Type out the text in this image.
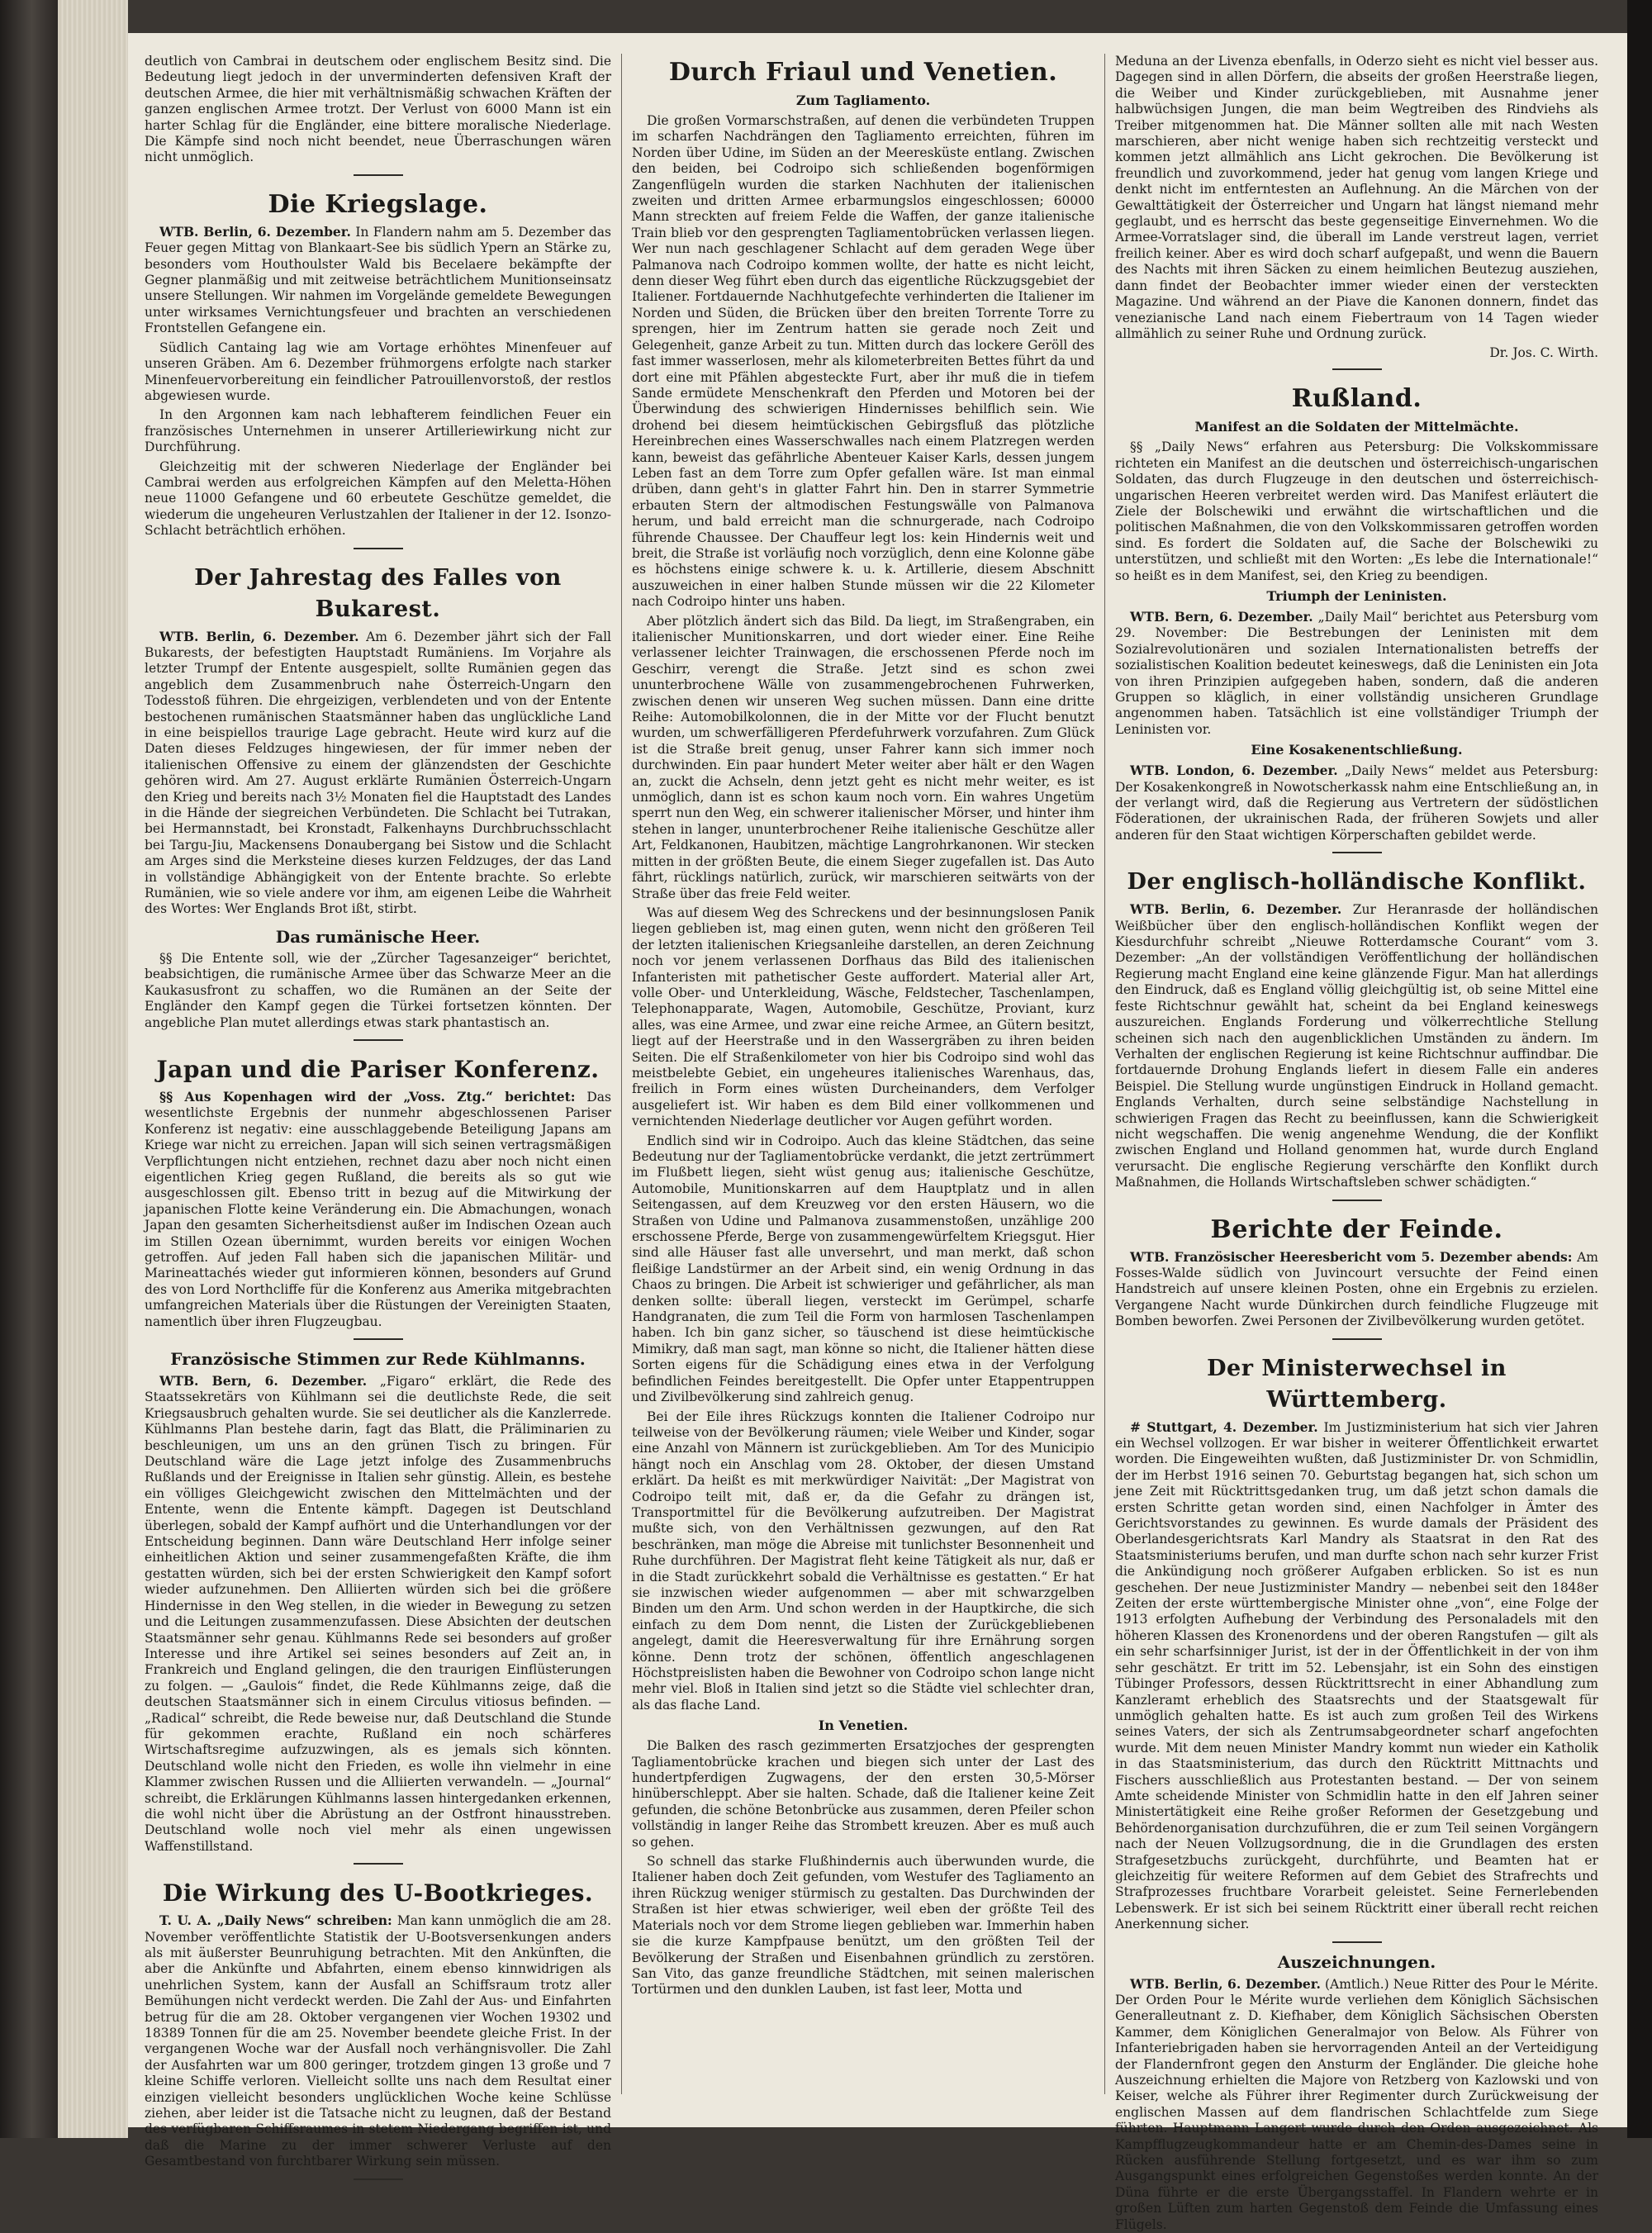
deutlich von Cambrai in deutschem oder englischem Besitz sind. Die Bedeutung liegt jedoch in der unverminderten defensiven Kraft der deutschen Armee, die hier mit verhältnismäßig schwachen Kräften der ganzen englischen Armee trotzt. Der Verlust von 6000 Mann ist ein harter Schlag für die Engländer, eine bittere moralische Niederlage. Die Kämpfe sind noch nicht beendet, neue Überraschungen wären nicht unmöglich.

Die Kriegslage.

WTB. Berlin, 6. Dezember. In Flandern nahm am 5. Dezember das Feuer gegen Mittag von Blankaart-See bis südlich Ypern an Stärke zu, besonders vom Houthoulster Wald bis Becelaere bekämpfte der Gegner planmäßig und mit zeitweise beträchtlichem Munitionseinsatz unsere Stellungen. Wir nahmen im Vorgelände gemeldete Bewegungen unter wirksames Vernichtungsfeuer und brachten an verschiedenen Frontstellen Gefangene ein.

Südlich Cantaing lag wie am Vortage erhöhtes Minenfeuer auf unseren Gräben. Am 6. Dezember frühmorgens erfolgte nach starker Minenfeuervorbereitung ein feindlicher Patrouillenvorstoß, der restlos abgewiesen wurde.

In den Argonnen kam nach lebhafterem feindlichen Feuer ein französisches Unternehmen in unserer Artilleriewirkung nicht zur Durchführung.

Gleichzeitig mit der schweren Niederlage der Engländer bei Cambrai werden aus erfolgreichen Kämpfen auf den Meletta-Höhen neue 11000 Gefangene und 60 erbeutete Geschütze gemeldet, die wiederum die ungeheuren Verlustzahlen der Italiener in der 12. Isonzo-Schlacht beträchtlich erhöhen.

Der Jahrestag des Falles von Bukarest.

WTB. Berlin, 6. Dezember. Am 6. Dezember jährt sich der Fall Bukarests, der befestigten Hauptstadt Rumäniens. Im Vorjahre als letzter Trumpf der Entente ausgespielt, sollte Rumänien gegen das angeblich dem Zusammenbruch nahe Österreich-Ungarn den Todesstoß führen. Die ehrgeizigen, verblendeten und von der Entente bestochenen rumänischen Staatsmänner haben das unglückliche Land in eine beispiellos traurige Lage gebracht. Heute wird kurz auf die Daten dieses Feldzuges hingewiesen, der für immer neben der italienischen Offensive zu einem der glänzendsten der Geschichte gehören wird. Am 27. August erklärte Rumänien Österreich-Ungarn den Krieg und bereits nach 3½ Monaten fiel die Hauptstadt des Landes in die Hände der siegreichen Verbündeten. Die Schlacht bei Tutrakan, bei Hermannstadt, bei Kronstadt, Falkenhayns Durchbruchsschlacht bei Targu-Jiu, Mackensens Donaubergang bei Sistow und die Schlacht am Arges sind die Merksteine dieses kurzen Feldzuges, der das Land in vollständige Abhängigkeit von der Entente brachte. So erlebte Rumänien, wie so viele andere vor ihm, am eigenen Leibe die Wahrheit des Wortes: Wer Englands Brot ißt, stirbt.

Das rumänische Heer.

§§ Die Entente soll, wie der „Zürcher Tagesanzeiger“ berichtet, beabsichtigen, die rumänische Armee über das Schwarze Meer an die Kaukasusfront zu schaffen, wo die Rumänen an der Seite der Engländer den Kampf gegen die Türkei fortsetzen könnten. Der angebliche Plan mutet allerdings etwas stark phantastisch an.

Japan und die Pariser Konferenz.

§§ Aus Kopenhagen wird der „Voss. Ztg.“ berichtet: Das wesentlichste Ergebnis der nunmehr abgeschlossenen Pariser Konferenz ist negativ: eine ausschlaggebende Beteiligung Japans am Kriege war nicht zu erreichen. Japan will sich seinen vertragsmäßigen Verpflichtungen nicht entziehen, rechnet dazu aber noch nicht einen eigentlichen Krieg gegen Rußland, die bereits als so gut wie ausgeschlossen gilt. Ebenso tritt in bezug auf die Mitwirkung der japanischen Flotte keine Veränderung ein. Die Abmachungen, wonach Japan den gesamten Sicherheitsdienst außer im Indischen Ozean auch im Stillen Ozean übernimmt, wurden bereits vor einigen Wochen getroffen. Auf jeden Fall haben sich die japanischen Militär- und Marineattachés wieder gut informieren können, besonders auf Grund des von Lord Northcliffe für die Konferenz aus Amerika mitgebrachten umfangreichen Materials über die Rüstungen der Vereinigten Staaten, namentlich über ihren Flugzeugbau.

Französische Stimmen zur Rede Kühlmanns.

WTB. Bern, 6. Dezember. „Figaro“ erklärt, die Rede des Staatssekretärs von Kühlmann sei die deutlichste Rede, die seit Kriegsausbruch gehalten wurde. Sie sei deutlicher als die Kanzlerrede. Kühlmanns Plan bestehe darin, fagt das Blatt, die Präliminarien zu beschleunigen, um uns an den grünen Tisch zu bringen. Für Deutschland wäre die Lage jetzt infolge des Zusammenbruchs Rußlands und der Ereignisse in Italien sehr günstig. Allein, es bestehe ein völliges Gleichgewicht zwischen den Mittelmächten und der Entente, wenn die Entente kämpft. Dagegen ist Deutschland überlegen, sobald der Kampf aufhört und die Unterhandlungen vor der Entscheidung beginnen. Dann wäre Deutschland Herr infolge seiner einheitlichen Aktion und seiner zusammengefaßten Kräfte, die ihm gestatten würden, sich bei der ersten Schwierigkeit den Kampf sofort wieder aufzunehmen. Den Alliierten würden sich bei die größere Hindernisse in den Weg stellen, in die wieder in Bewegung zu setzen und die Leitungen zusammenzufassen. Diese Absichten der deutschen Staatsmänner sehr genau. Kühlmanns Rede sei besonders auf großer Interesse und ihre Artikel sei seines besonders auf Zeit an, in Frankreich und England gelingen, die den traurigen Einflüsterungen zu folgen. — „Gaulois“ findet, die Rede Kühlmanns zeige, daß die deutschen Staatsmänner sich in einem Circulus vitiosus befinden. — „Radical“ schreibt, die Rede beweise nur, daß Deutschland die Stunde für gekommen erachte, Rußland ein noch schärferes Wirtschaftsregime aufzuzwingen, als es jemals sich könnten. Deutschland wolle nicht den Frieden, es wolle ihn vielmehr in eine Klammer zwischen Russen und die Alliierten verwandeln. — „Journal“ schreibt, die Erklärungen Kühlmanns lassen hintergedanken erkennen, die wohl nicht über die Abrüstung an der Ostfront hinausstreben. Deutschland wolle noch viel mehr als einen ungewissen Waffenstillstand.

Die Wirkung des U-Bootkrieges.

T. U. A. „Daily News“ schreiben: Man kann unmöglich die am 28. November veröffentlichte Statistik der U-Bootsversenkungen anders als mit äußerster Beunruhigung betrachten. Mit den Ankünften, die aber die Ankünfte und Abfahrten, einem ebenso kinnwidrigen als unehrlichen System, kann der Ausfall an Schiffsraum trotz aller Bemühungen nicht verdeckt werden. Die Zahl der Aus- und Einfahrten betrug für die am 28. Oktober vergangenen vier Wochen 19302 und 18389 Tonnen für die am 25. November beendete gleiche Frist. In der vergangenen Woche war der Ausfall noch verhängnisvoller. Die Zahl der Ausfahrten war um 800 geringer, trotzdem gingen 13 große und 7 kleine Schiffe verloren. Vielleicht sollte uns nach dem Resultat einer einzigen vielleicht besonders unglücklichen Woche keine Schlüsse ziehen, aber leider ist die Tatsache nicht zu leugnen, daß der Bestand des verfügbaren Schiffsraumes in stetem Niedergang begriffen ist, und daß die Marine zu der immer schwerer Verluste auf den Gesamtbestand von furchtbarer Wirkung sein müssen.

Durch Friaul und Venetien.
Zum Tagliamento.

Die großen Vormarschstraßen, auf denen die verbündeten Truppen im scharfen Nachdrängen den Tagliamento erreichten, führen im Norden über Udine, im Süden an der Meeresküste entlang. Zwischen den beiden, bei Codroipo sich schließenden bogenförmigen Zangenflügeln wurden die starken Nachhuten der italienischen zweiten und dritten Armee erbarmungslos eingeschlossen; 60000 Mann streckten auf freiem Felde die Waffen, der ganze italienische Train blieb vor den gesprengten Tagliamentobrücken verlassen liegen. Wer nun nach geschlagener Schlacht auf dem geraden Wege über Palmanova nach Codroipo kommen wollte, der hatte es nicht leicht, denn dieser Weg führt eben durch das eigentliche Rückzugsgebiet der Italiener. Fortdauernde Nachhutgefechte verhinderten die Italiener im Norden und Süden, die Brücken über den breiten Torrente Torre zu sprengen, hier im Zentrum hatten sie gerade noch Zeit und Gelegenheit, ganze Arbeit zu tun. Mitten durch das lockere Geröll des fast immer wasserlosen, mehr als kilometerbreiten Bettes führt da und dort eine mit Pfählen abgesteckte Furt, aber ihr muß die in tiefem Sande ermüdete Menschenkraft den Pferden und Motoren bei der Überwindung des schwierigen Hindernisses behilflich sein. Wie drohend bei diesem heimtückischen Gebirgsfluß das plötzliche Hereinbrechen eines Wasserschwalles nach einem Platzregen werden kann, beweist das gefährliche Abenteuer Kaiser Karls, dessen jungem Leben fast an dem Torre zum Opfer gefallen wäre. Ist man einmal drüben, dann geht's in glatter Fahrt hin. Den in starrer Symmetrie erbauten Stern der altmodischen Festungswälle von Palmanova herum, und bald erreicht man die schnurgerade, nach Codroipo führende Chaussee. Der Chauffeur legt los: kein Hindernis weit und breit, die Straße ist vorläufig noch vorzüglich, denn eine Kolonne gäbe es höchstens einige schwere k. u. k. Artillerie, diesem Abschnitt auszuweichen in einer halben Stunde müssen wir die 22 Kilometer nach Codroipo hinter uns haben.

Aber plötzlich ändert sich das Bild. Da liegt, im Straßengraben, ein italienischer Munitionskarren, und dort wieder einer. Eine Reihe verlassener leichter Trainwagen, die erschossenen Pferde noch im Geschirr, verengt die Straße. Jetzt sind es schon zwei ununterbrochene Wälle von zusammengebrochenen Fuhrwerken, zwischen denen wir unseren Weg suchen müssen. Dann eine dritte Reihe: Automobilkolonnen, die in der Mitte vor der Flucht benutzt wurden, um schwerfälligeren Pferdefuhrwerk vorzufahren. Zum Glück ist die Straße breit genug, unser Fahrer kann sich immer noch durchwinden. Ein paar hundert Meter weiter aber hält er den Wagen an, zuckt die Achseln, denn jetzt geht es nicht mehr weiter, es ist unmöglich, dann ist es schon kaum noch vorn. Ein wahres Ungetüm sperrt nun den Weg, ein schwerer italienischer Mörser, und hinter ihm stehen in langer, ununterbrochener Reihe italienische Geschütze aller Art, Feldkanonen, Haubitzen, mächtige Langrohrkanonen. Wir stecken mitten in der größten Beute, die einem Sieger zugefallen ist. Das Auto fährt, rücklings natürlich, zurück, wir marschieren seitwärts von der Straße über das freie Feld weiter.

Was auf diesem Weg des Schreckens und der besinnungslosen Panik liegen geblieben ist, mag einen guten, wenn nicht den größeren Teil der letzten italienischen Kriegsanleihe darstellen, an deren Zeichnung noch vor jenem verlassenen Dorfhaus das Bild des italienischen Infanteristen mit pathetischer Geste auffordert. Material aller Art, volle Ober- und Unterkleidung, Wäsche, Feldstecher, Taschenlampen, Telephonapparate, Wagen, Automobile, Geschütze, Proviant, kurz alles, was eine Armee, und zwar eine reiche Armee, an Gütern besitzt, liegt auf der Heerstraße und in den Wassergräben zu ihren beiden Seiten. Die elf Straßenkilometer von hier bis Codroipo sind wohl das meistbelebte Gebiet, ein ungeheures italienisches Warenhaus, das, freilich in Form eines wüsten Durcheinanders, dem Verfolger ausgeliefert ist. Wir haben es dem Bild einer vollkommenen und vernichtenden Niederlage deutlicher vor Augen geführt worden.

Endlich sind wir in Codroipo. Auch das kleine Städtchen, das seine Bedeutung nur der Tagliamentobrücke verdankt, die jetzt zertrümmert im Flußbett liegen, sieht wüst genug aus; italienische Geschütze, Automobile, Munitionskarren auf dem Hauptplatz und in allen Seitengassen, auf dem Kreuzweg vor den ersten Häusern, wo die Straßen von Udine und Palmanova zusammenstoßen, unzählige 200 erschossene Pferde, Berge von zusammengewürfeltem Kriegsgut. Hier sind alle Häuser fast alle unversehrt, und man merkt, daß schon fleißige Landstürmer an der Arbeit sind, ein wenig Ordnung in das Chaos zu bringen. Die Arbeit ist schwieriger und gefährlicher, als man denken sollte: überall liegen, versteckt im Gerümpel, scharfe Handgranaten, die zum Teil die Form von harmlosen Taschenlampen haben. Ich bin ganz sicher, so täuschend ist diese heimtückische Mimikry, daß man sagt, man könne so nicht, die Italiener hätten diese Sorten eigens für die Schädigung eines etwa in der Verfolgung befindlichen Feindes bereitgestellt. Die Opfer unter Etappentruppen und Zivilbevölkerung sind zahlreich genug.

Bei der Eile ihres Rückzugs konnten die Italiener Codroipo nur teilweise von der Bevölkerung räumen; viele Weiber und Kinder, sogar eine Anzahl von Männern ist zurückgeblieben. Am Tor des Municipio hängt noch ein Anschlag vom 28. Oktober, der diesen Umstand erklärt. Da heißt es mit merkwürdiger Naivität: „Der Magistrat von Codroipo teilt mit, daß er, da die Gefahr zu drängen ist, Transportmittel für die Bevölkerung aufzutreiben. Der Magistrat mußte sich, von den Verhältnissen gezwungen, auf den Rat beschränken, man möge die Abreise mit tunlichster Besonnenheit und Ruhe durchführen. Der Magistrat fleht keine Tätigkeit als nur, daß er in die Stadt zurückkehrt sobald die Verhältnisse es gestatten.“ Er hat sie inzwischen wieder aufgenommen — aber mit schwarzgelben Binden um den Arm. Und schon werden in der Hauptkirche, die sich einfach zu dem Dom nennt, die Listen der Zurückgebliebenen angelegt, damit die Heeresverwaltung für ihre Ernährung sorgen könne. Denn trotz der schönen, öffentlich angeschlagenen Höchstpreislisten haben die Bewohner von Codroipo schon lange nicht mehr viel. Bloß in Italien sind jetzt so die Städte viel schlechter dran, als das flache Land.

In Venetien.

Die Balken des rasch gezimmerten Ersatzjoches der gesprengten Tagliamentobrücke krachen und biegen sich unter der Last des hundertpferdigen Zugwagens, der den ersten 30,5-Mörser hinüberschleppt. Aber sie halten. Schade, daß die Italiener keine Zeit gefunden, die schöne Betonbrücke aus zusammen, deren Pfeiler schon vollständig in langer Reihe das Strombett kreuzen. Aber es muß auch so gehen.

So schnell das starke Flußhindernis auch überwunden wurde, die Italiener haben doch Zeit gefunden, vom Westufer des Tagliamento an ihren Rückzug weniger stürmisch zu gestalten. Das Durchwinden der Straßen ist hier etwas schwieriger, weil eben der größte Teil des Materials noch vor dem Strome liegen geblieben war. Immerhin haben sie die kurze Kampfpause benützt, um den größten Teil der Bevölkerung der Straßen und Eisenbahnen gründlich zu zerstören. San Vito, das ganze freundliche Städtchen, mit seinen malerischen Tortürmen und den dunklen Lauben, ist fast leer, Motta und

Meduna an der Livenza ebenfalls, in Oderzo sieht es nicht viel besser aus. Dagegen sind in allen Dörfern, die abseits der großen Heerstraße liegen, die Weiber und Kinder zurückgeblieben, mit Ausnahme jener halbwüchsigen Jungen, die man beim Wegtreiben des Rindviehs als Treiber mitgenommen hat. Die Männer sollten alle mit nach Westen marschieren, aber nicht wenige haben sich rechtzeitig versteckt und kommen jetzt allmählich ans Licht gekrochen. Die Bevölkerung ist freundlich und zuvorkommend, jeder hat genug vom langen Kriege und denkt nicht im entferntesten an Auflehnung. An die Märchen von der Gewalttätigkeit der Österreicher und Ungarn hat längst niemand mehr geglaubt, und es herrscht das beste gegenseitige Einvernehmen. Wo die Armee-Vorratslager sind, die überall im Lande verstreut lagen, verriet freilich keiner. Aber es wird doch scharf aufgepaßt, und wenn die Bauern des Nachts mit ihren Säcken zu einem heimlichen Beutezug ausziehen, dann findet der Beobachter immer wieder einen der versteckten Magazine. Und während an der Piave die Kanonen donnern, findet das venezianische Land nach einem Fiebertraum von 14 Tagen wieder allmählich zu seiner Ruhe und Ordnung zurück.

Dr. Jos. C. Wirth.
Rußland.
Manifest an die Soldaten der Mittelmächte.

§§ „Daily News“ erfahren aus Petersburg: Die Volkskommissare richteten ein Manifest an die deutschen und österreichisch-ungarischen Soldaten, das durch Flugzeuge in den deutschen und österreichisch-ungarischen Heeren verbreitet werden wird. Das Manifest erläutert die Ziele der Bolschewiki und erwähnt die wirtschaftlichen und die politischen Maßnahmen, die von den Volkskommissaren getroffen worden sind. Es fordert die Soldaten auf, die Sache der Bolschewiki zu unterstützen, und schließt mit den Worten: „Es lebe die Internationale!“ so heißt es in dem Manifest, sei, den Krieg zu beendigen.

Triumph der Leninisten.

WTB. Bern, 6. Dezember. „Daily Mail“ berichtet aus Petersburg vom 29. November: Die Bestrebungen der Leninisten mit dem Sozialrevolutionären und sozialen Internationalisten betreffs der sozialistischen Koalition bedeutet keineswegs, daß die Leninisten ein Jota von ihren Prinzipien aufgegeben haben, sondern, daß die anderen Gruppen so kläglich, in einer vollständig unsicheren Grundlage angenommen haben. Tatsächlich ist eine vollständiger Triumph der Leninisten vor.

Eine Kosakenentschließung.

WTB. London, 6. Dezember. „Daily News“ meldet aus Petersburg: Der Kosakenkongreß in Nowotscherkassk nahm eine Entschließung an, in der verlangt wird, daß die Regierung aus Vertretern der südöstlichen Föderationen, der ukrainischen Rada, der früheren Sowjets und aller anderen für den Staat wichtigen Körperschaften gebildet werde.

Der englisch-holländische Konflikt.

WTB. Berlin, 6. Dezember. Zur Heranrasde der holländischen Weißbücher über den englisch-holländischen Konflikt wegen der Kiesdurchfuhr schreibt „Nieuwe Rotterdamsche Courant“ vom 3. Dezember: „An der vollständigen Veröffentlichung der holländischen Regierung macht England eine keine glänzende Figur. Man hat allerdings den Eindruck, daß es England völlig gleichgültig ist, ob seine Mittel eine feste Richtschnur gewählt hat, scheint da bei England keineswegs auszureichen. Englands Forderung und völkerrechtliche Stellung scheinen sich nach den augenblicklichen Umständen zu ändern. Im Verhalten der englischen Regierung ist keine Richtschnur auffindbar. Die fortdauernde Drohung Englands liefert in diesem Falle ein anderes Beispiel. Die Stellung wurde ungünstigen Eindruck in Holland gemacht. Englands Verhalten, durch seine selbständige Nachstellung in schwierigen Fragen das Recht zu beeinflussen, kann die Schwierigkeit nicht wegschaffen. Die wenig angenehme Wendung, die der Konflikt zwischen England und Holland genommen hat, wurde durch England verursacht. Die englische Regierung verschärfte den Konflikt durch Maßnahmen, die Hollands Wirtschaftsleben schwer schädigten.“

Berichte der Feinde.

WTB. Französischer Heeresbericht vom 5. Dezember abends: Am Fosses-Walde südlich von Juvincourt versuchte der Feind einen Handstreich auf unsere kleinen Posten, ohne ein Ergebnis zu erzielen. Vergangene Nacht wurde Dünkirchen durch feindliche Flugzeuge mit Bomben beworfen. Zwei Personen der Zivilbevölkerung wurden getötet.

Der Ministerwechsel in Württemberg.

# Stuttgart, 4. Dezember. Im Justizministerium hat sich vier Jahren ein Wechsel vollzogen. Er war bisher in weiterer Öffentlichkeit erwartet worden. Die Eingeweihten wußten, daß Justizminister Dr. von Schmidlin, der im Herbst 1916 seinen 70. Geburtstag begangen hat, sich schon um jene Zeit mit Rücktrittsgedanken trug, um daß jetzt schon damals die ersten Schritte getan worden sind, einen Nachfolger in Ämter des Gerichtsvorstandes zu gewinnen. Es wurde damals der Präsident des Oberlandesgerichtsrats Karl Mandry als Staatsrat in den Rat des Staatsministeriums berufen, und man durfte schon nach sehr kurzer Frist die Ankündigung noch größerer Aufgaben erblicken. So ist es nun geschehen. Der neue Justizminister Mandry — nebenbei seit den 1848er Zeiten der erste württembergische Minister ohne „von“, eine Folge der 1913 erfolgten Aufhebung der Verbindung des Personaladels mit den höheren Klassen des Kronenordens und der oberen Rangstufen — gilt als ein sehr scharfsinniger Jurist, ist der in der Öffentlichkeit in der von ihm sehr geschätzt. Er tritt im 52. Lebensjahr, ist ein Sohn des einstigen Tübinger Professors, dessen Rücktrittsrecht in einer Abhandlung zum Kanzleramt erheblich des Staatsrechts und der Staatsgewalt für unmöglich gehalten hatte. Es ist auch zum großen Teil des Wirkens seines Vaters, der sich als Zentrumsabgeordneter scharf angefochten wurde. Mit dem neuen Minister Mandry kommt nun wieder ein Katholik in das Staatsministerium, das durch den Rücktritt Mittnachts und Fischers ausschließlich aus Protestanten bestand. — Der von seinem Amte scheidende Minister von Schmidlin hatte in den elf Jahren seiner Ministertätigkeit eine Reihe großer Reformen der Gesetzgebung und Behördenorganisation durchzuführen, die er zum Teil seinen Vorgängern nach der Neuen Vollzugsordnung, die in die Grundlagen des ersten Strafgesetzbuchs zurückgeht, durchführte, und Beamten hat er gleichzeitig für weitere Reformen auf dem Gebiet des Strafrechts und Strafprozesses fruchtbare Vorarbeit geleistet. Seine Fernerlebenden Lebenswerk. Er ist sich bei seinem Rücktritt einer überall recht reichen Anerkennung sicher.

Auszeichnungen.

WTB. Berlin, 6. Dezember. (Amtlich.) Neue Ritter des Pour le Mérite. Der Orden Pour le Mérite wurde verliehen dem Königlich Sächsischen Generalleutnant z. D. Kiefhaber, dem Königlich Sächsischen Obersten Kammer, dem Königlichen Generalmajor von Below. Als Führer von Infanteriebrigaden haben sie hervorragenden Anteil an der Verteidigung der Flandernfront gegen den Ansturm der Engländer. Die gleiche hohe Auszeichnung erhielten die Majore von Retzberg von Kazlowski und von Keiser, welche als Führer ihrer Regimenter durch Zurückweisung der englischen Massen auf dem flandrischen Schlachtfelde zum Siege führten. Hauptmann Langert wurde durch den Orden ausgezeichnet. Als Kampfflugzeugkommandeur hatte er am Chemin-des-Dames seine in Rücken ausführende Stellung fortgesetzt, und es war ihm so zum Ausgangspunkt eines erfolgreichen Gegenstoßes werden konnte. An der Düna führte er die erste Übergangsstaffel. In Flandern wehrte er in großen Lüften zum harten Gegenstoß dem Feinde die Umfassung eines Flügels.
